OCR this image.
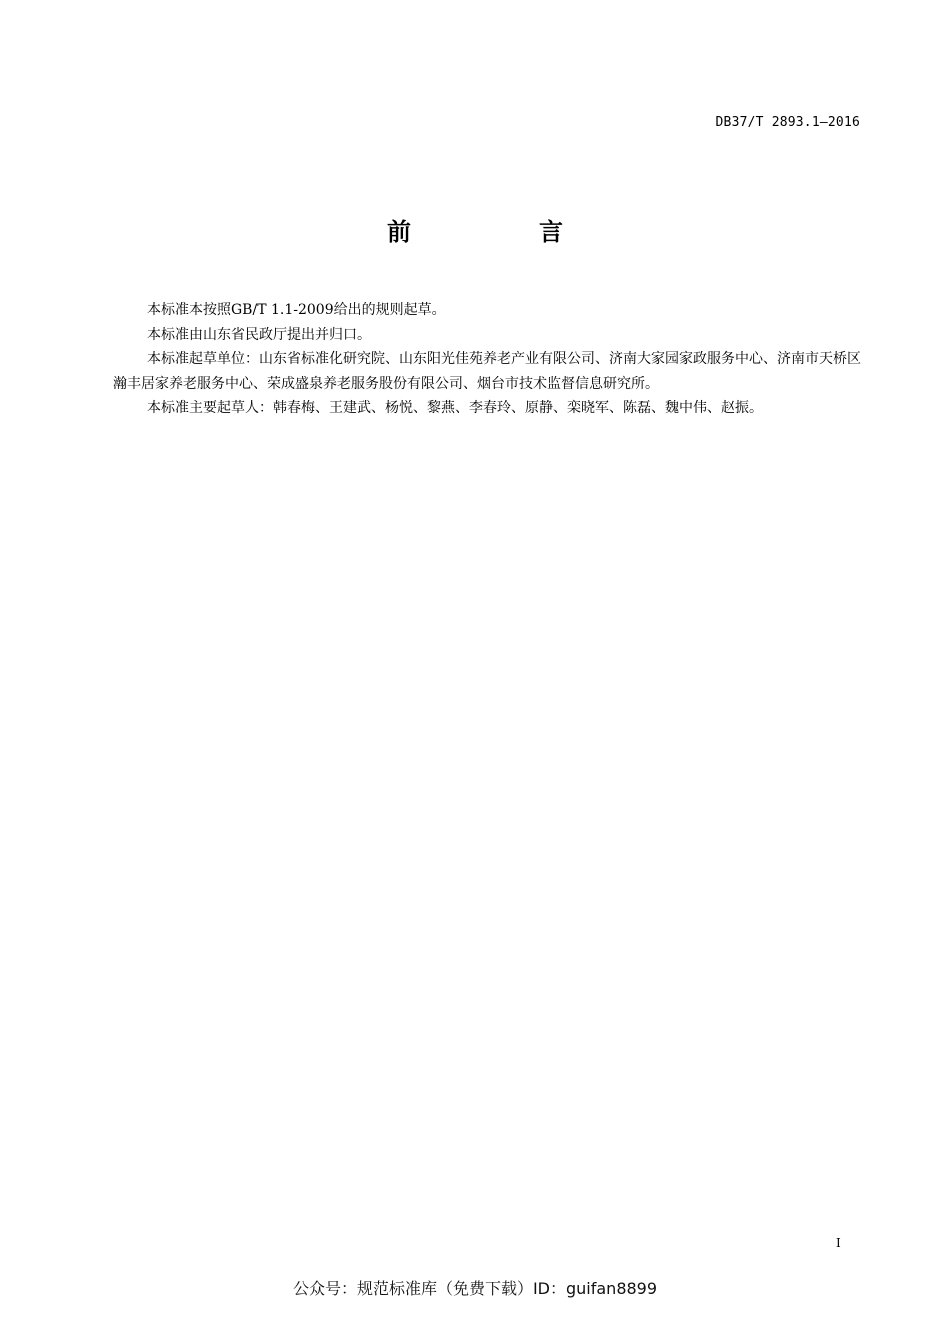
DB37/T 2893.1—2016
前　言

本标准本按照GB/T 1.1-2009给出的规则起草。

本标准由山东省民政厅提出并归口。

本标准起草单位：山东省标准化研究院、山东阳光佳苑养老产业有限公司、济南大家园家政服务中心、济南市天桥区瀚丰居家养老服务中心、荣成盛泉养老服务股份有限公司、烟台市技术监督信息研究所。

本标准主要起草人：韩春梅、王建武、杨悦、黎燕、李春玲、原静、栾晓军、陈磊、魏中伟、赵振。

I
公众号：规范标准库（免费下载）ID：guifan8899
